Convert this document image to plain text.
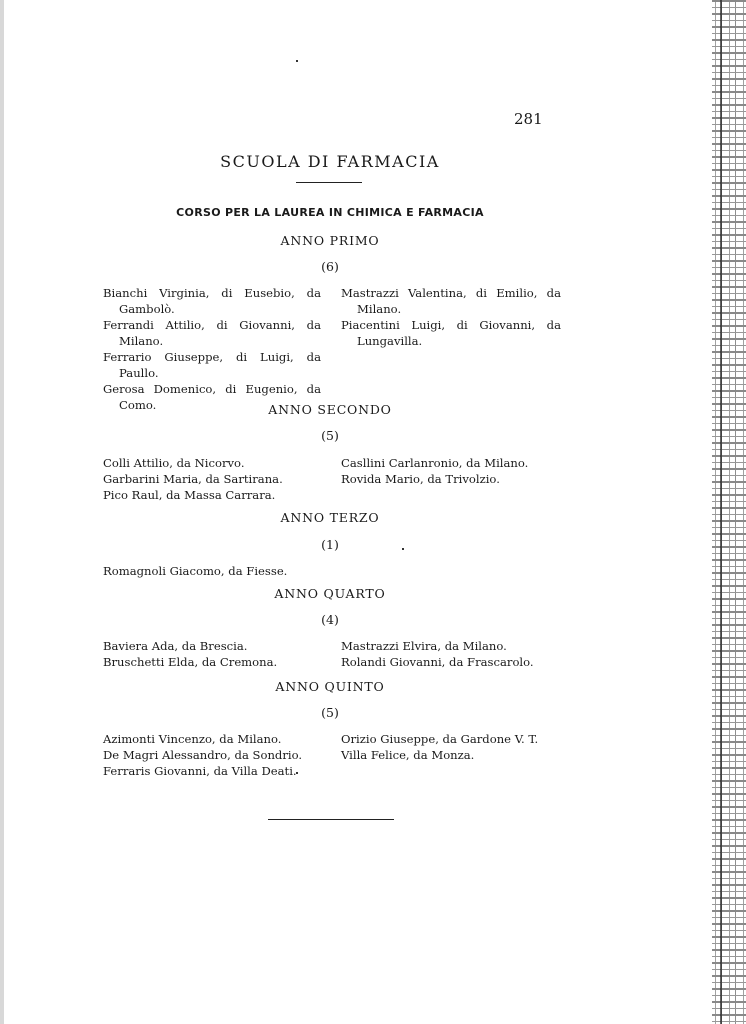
281
SCUOLA DI FARMACIA
CORSO PER LA LAUREA IN CHIMICA E FARMACIA
ANNO PRIMO
(6)

Bianchi Virginia, di Eusebio, da Gambolò.

Ferrandi Attilio, di Giovanni, da Milano.

Ferrario Giuseppe, di Luigi, da Paullo.

Gerosa Domenico, di Eugenio, da Como.

Mastrazzi Valentina, di Emilio, da Milano.

Piacentini Luigi, di Giovanni, da Lungavilla.

ANNO SECONDO
(5)

Colli Attilio, da Nicorvo.

Garbarini Maria, da Sartirana.

Pico Raul, da Massa Carrara.

Casllini Carlanronio, da Milano.

Rovida Mario, da Trivolzio.

ANNO TERZO
(1)

Romagnoli Giacomo, da Fiesse.

ANNO QUARTO
(4)

Baviera Ada, da Brescia.

Bruschetti Elda, da Cremona.

Mastrazzi Elvira, da Milano.

Rolandi Giovanni, da Frascarolo.

ANNO QUINTO
(5)

Azimonti Vincenzo, da Milano.

De Magri Alessandro, da Sondrio.

Ferraris Giovanni, da Villa Deati.

Orizio Giuseppe, da Gardone V. T.

Villa Felice, da Monza.
